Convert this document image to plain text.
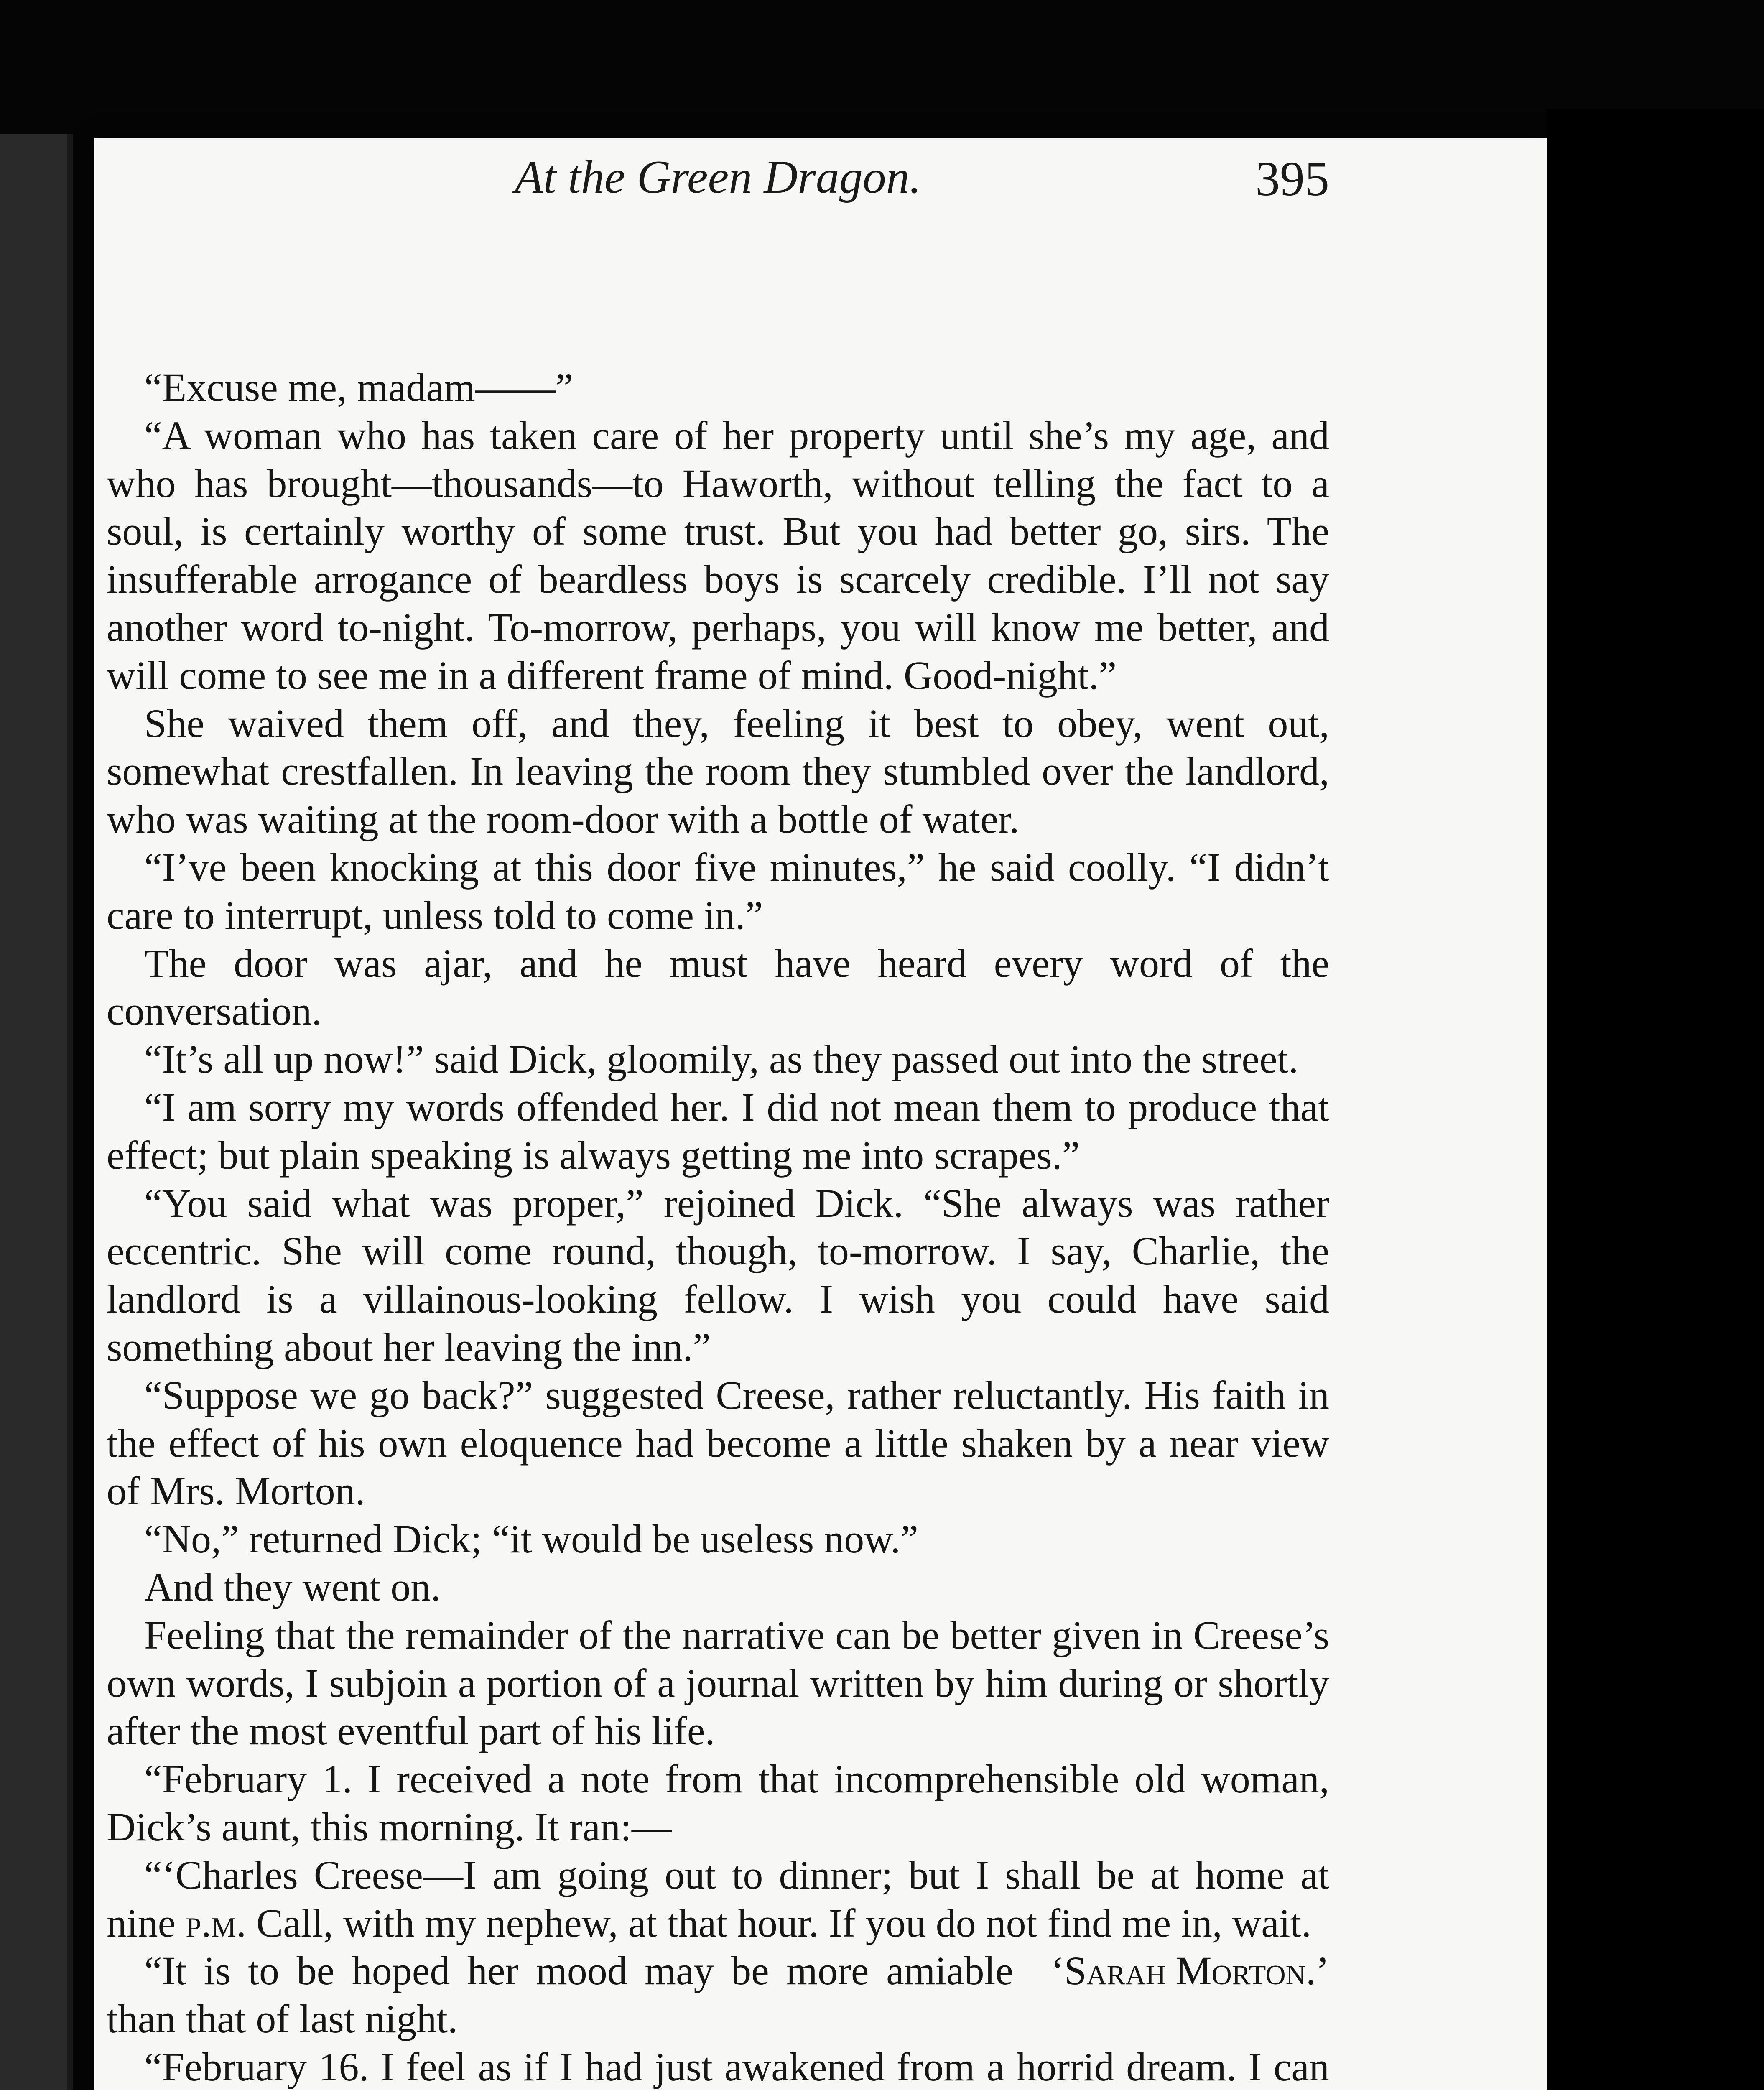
At the Green Dragon.	395

“Excuse me, madam——”

“A woman who has taken care of her property until she’s my age, and who has brought—thousands—to Haworth, without telling the fact to a soul, is certainly worthy of some trust. But you had better go, sirs. The insufferable arrogance of beardless boys is scarcely credible. I’ll not say another word to-night. To-morrow, perhaps, you will know me better, and will come to see me in a different frame of mind. Good-night.”

She waived them off, and they, feeling it best to obey, went out, somewhat crestfallen. In leaving the room they stumbled over the landlord, who was waiting at the room-door with a bottle of water.

“I’ve been knocking at this door five minutes,” he said coolly. “I didn’t care to interrupt, unless told to come in.”

The door was ajar, and he must have heard every word of the conversation.

“It’s all up now!” said Dick, gloomily, as they passed out into the street.

“I am sorry my words offended her. I did not mean them to produce that effect; but plain speaking is always getting me into scrapes.”

“You said what was proper,” rejoined Dick. “She always was rather eccentric. She will come round, though, to-morrow. I say, Charlie, the landlord is a villainous-looking fellow. I wish you could have said something about her leaving the inn.”

“Suppose we go back?” suggested Creese, rather reluctantly. His faith in the effect of his own eloquence had become a little shaken by a near view of Mrs. Morton.

“No,” returned Dick; “it would be useless now.”

And they went on.

Feeling that the remainder of the narrative can be better given in Creese’s own words, I subjoin a portion of a journal written by him during or shortly after the most eventful part of his life.

“February 1. I received a note from that incomprehensible old woman, Dick’s aunt, this morning. It ran:—

“‘Charles Creese—I am going out to dinner; but I shall be at home at nine p.m. Call, with my nephew, at that hour. If you do not find me in, wait.
‘Sarah Morton.’

“It is to be hoped her mood may be more amiable than that of last night.

“February 16. I feel as if I had just awakened from a horrid dream. I can
